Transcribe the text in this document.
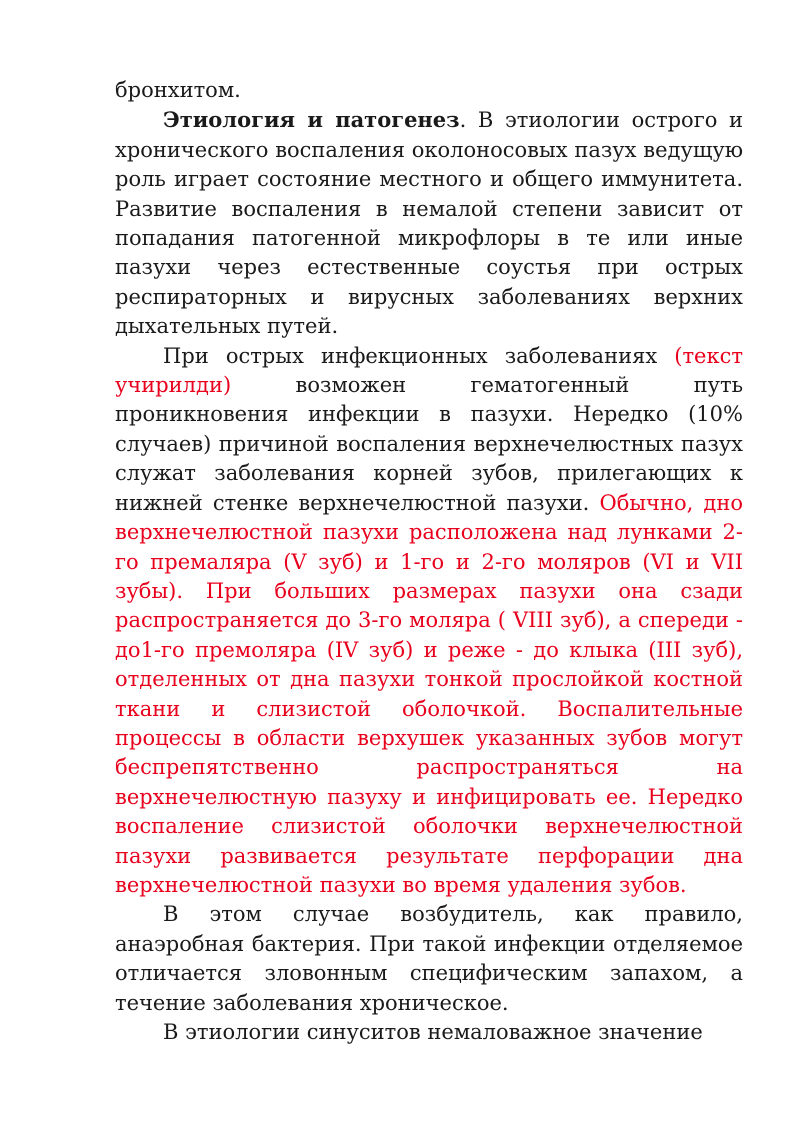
бронхитом.

Этиология и патогенез. В этиологии острого и хронического воспаления околоносовых пазух ведущую роль играет состояние местного и общего иммунитета. Развитие воспаления в немалой степени зависит от попадания патогенной микрофлоры в те или иные пазухи через естественные соустья при острых респираторных и вирусных заболеваниях верхних дыхательных путей.

При острых инфекционных заболеваниях (текст учирилди) возможен гематогенный путь проникновения инфекции в пазухи. Нередко (10% случаев) причиной воспаления верхнечелюстных пазух служат заболевания корней зубов, прилегающих к нижней стенке верхнечелюстной пазухи. Обычно, дно верхнечелюстной пазухи расположена над лунками 2-го премаляра (V зуб) и 1-го и 2-го моляров (VI и VII зубы). При больших размерах пазухи она сзади распространяется до 3-го моляра ( VIII зуб), а спереди - до1-го премоляра (IV зуб) и реже - до клыка (III зуб), отделенных от дна пазухи тонкой прослойкой костной ткани и слизистой оболочкой. Воспалительные процессы в области верхушек указанных зубов могут беспрепятственно распространяться на верхнечелюстную пазуху и инфицировать ее. Нередко воспаление слизистой оболочки верхнечелюстной пазухи развивается результате перфорации дна верхнечелюстной пазухи во время удаления зубов.

В этом случае возбудитель, как правило, анаэробная бактерия. При такой инфекции отделяемое отличается зловонным специфическим запахом, а течение заболевания хроническое.

В этиологии синуситов немаловажное значение
